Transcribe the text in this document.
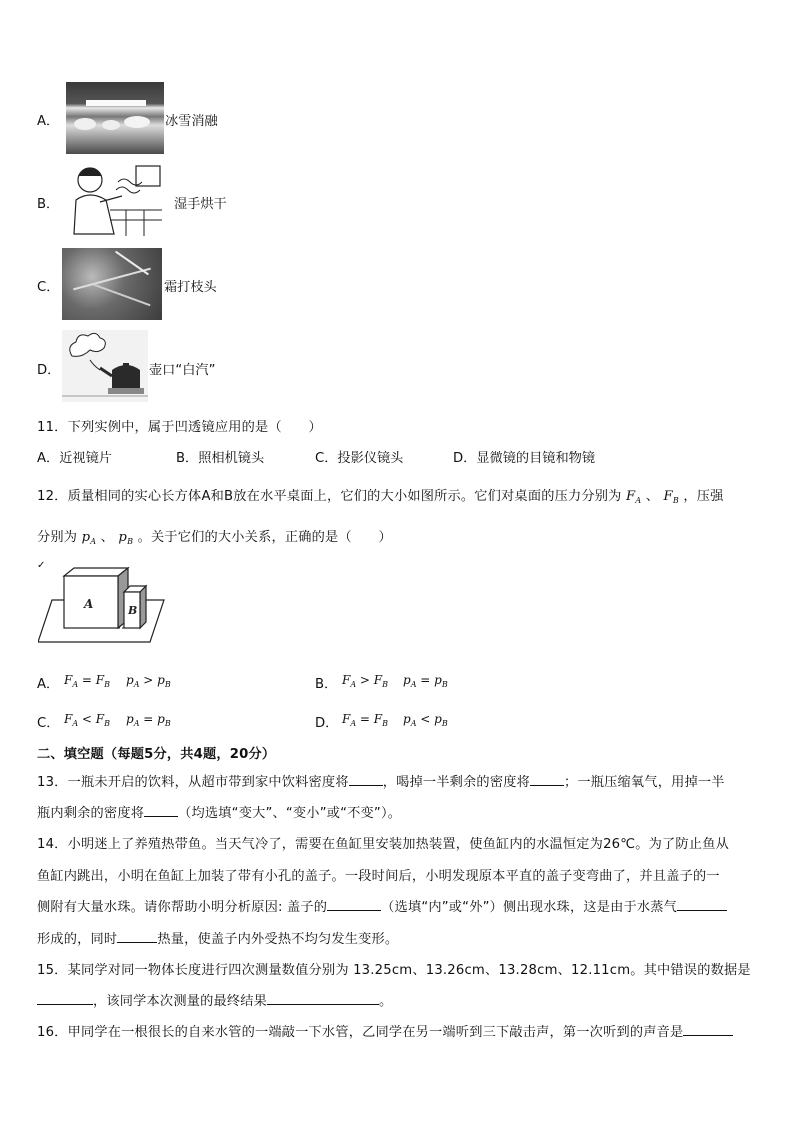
A．	冰雪消融
B．	湿手烘干
C．	霜打枝头
D．	壶口“白汽”
11．下列实例中，属于凹透镜应用的是（　　）
A．近视镜片	B．照相机镜头	C．投影仪镜头	D．显微镜的目镜和物镜
12．质量相同的实心长方体A和B放在水平桌面上，它们的大小如图所示。它们对桌面的压力分别为 $F_A$ 、 $F_B$ ，压强
分别为 $p_A$ 、 $p_B$ 。关于它们的大小关系，正确的是（　　）
✓
A	B
A． $F_A = F_B$ $p_A > p_B$	B． $F_A > F_B$ $p_A = p_B$
C． $F_A < F_B$ $p_A = p_B$	D． $F_A = F_B$ $p_A < p_B$
二、填空题（每题5分，共4题，20分）
13．一瓶未开启的饮料，从超市带到家中饮料密度将	，喝掉一半剩余的密度将	；一瓶压缩氧气，用掉一半
瓶内剩余的密度将	（均选填“变大”、“变小”或“不变”）。
14．小明迷上了养殖热带鱼。当天气冷了，需要在鱼缸里安装加热装置，使鱼缸内的水温恒定为26℃。为了防止鱼从
鱼缸内跳出，小明在鱼缸上加装了带有小孔的盖子。一段时间后，小明发现原本平直的盖子变弯曲了，并且盖子的一
侧附有大量水珠。请你帮助小明分析原因: 盖子的	（选填“内”或“外”）侧出现水珠，这是由于水蒸气
形成的，同时	热量，使盖子内外受热不均匀发生变形。
15．某同学对同一物体长度进行四次测量数值分别为 13.25cm、13.26cm、13.28cm、12.11cm。其中错误的数据是
，该同学本次测量的最终结果	。
16．甲同学在一根很长的自来水管的一端敲一下水管，乙同学在另一端听到三下敲击声，第一次听到的声音是
